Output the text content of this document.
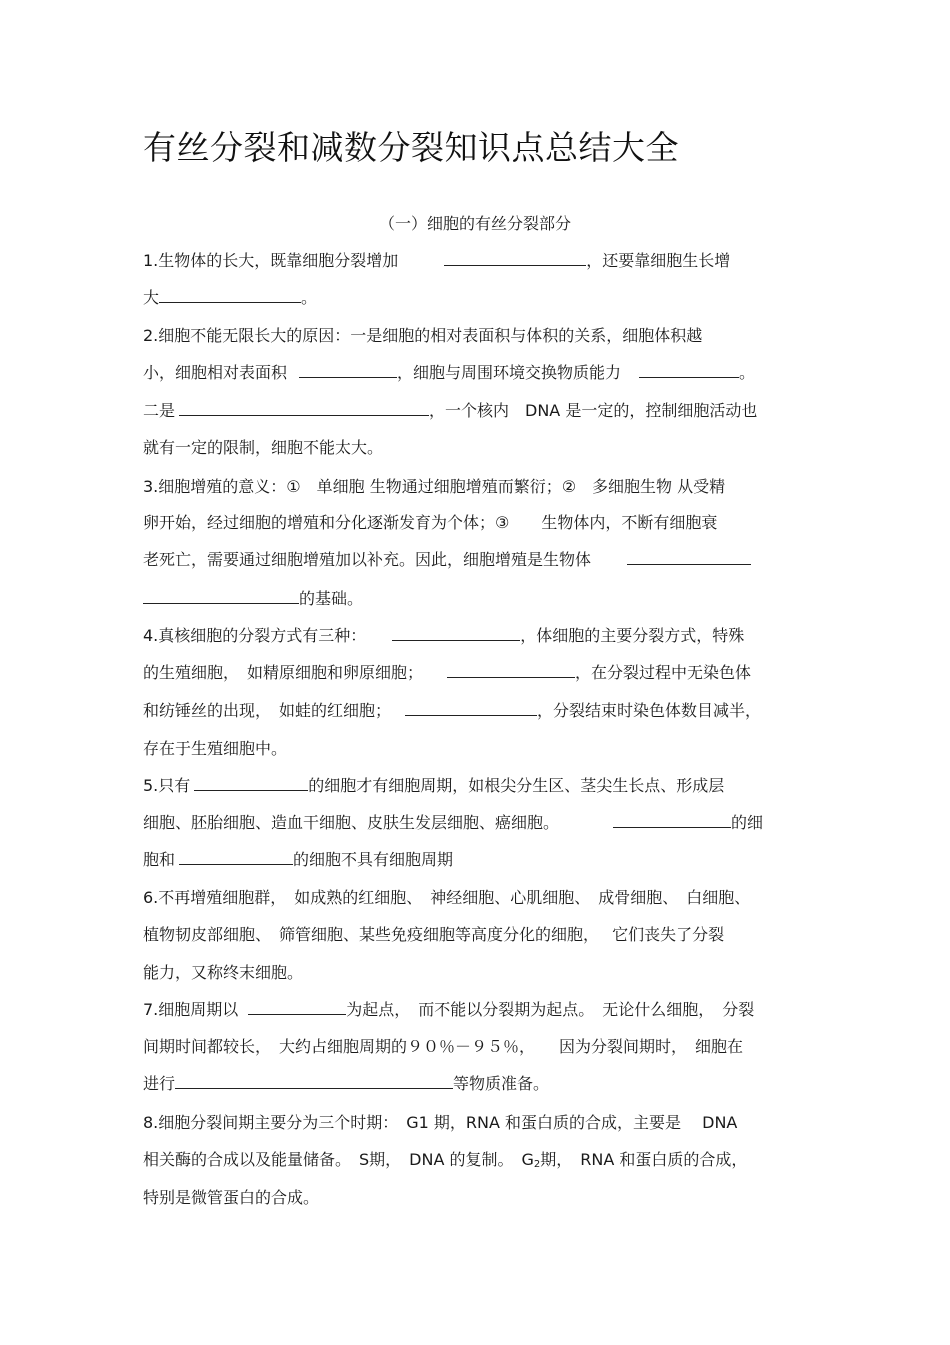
有丝分裂和减数分裂知识点总结大全
（一）细胞的有丝分裂部分
1.生物体的长大，既靠细胞分裂增加	，还要靠细胞生长增
大	。
2.细胞不能无限长大的原因：一是细胞的相对表面积与体积的关系，细胞体积越
小，细胞相对表面积	，细胞与周围环境交换物质能力	。
二是	，一个核内　DNA 是一定的，控制细胞活动也
就有一定的限制，细胞不能太大。
3.细胞增殖的意义：①　单细胞 生物通过细胞增殖而繁衍；②　多细胞生物 从受精
卵开始，经过细胞的增殖和分化逐渐发育为个体；③　　生物体内，不断有细胞衰
老死亡，需要通过细胞增殖加以补充。因此，细胞增殖是生物体
的基础。
4.真核细胞的分裂方式有三种：	，体细胞的主要分裂方式，特殊
的生殖细胞，　如精原细胞和卵原细胞；	，在分裂过程中无染色体
和纺锤丝的出现，　如蛙的红细胞；	，分裂结束时染色体数目减半，
存在于生殖细胞中。
5.只有	的细胞才有细胞周期，如根尖分生区、茎尖生长点、形成层
细胞、胚胎细胞、造血干细胞、皮肤生发层细胞、癌细胞。	的细
胞和	的细胞不具有细胞周期
6.不再增殖细胞群，　如成熟的红细胞、　神经细胞、心肌细胞、　成骨细胞、　白细胞、
植物韧皮部细胞、　筛管细胞、某些免疫细胞等高度分化的细胞，　 它们丧失了分裂
能力，又称终末细胞。
7.细胞周期以	为起点，　而不能以分裂期为起点。　无论什么细胞，　分裂
间期时间都较长，　大约占细胞周期的９０％－９５％，　　因为分裂间期时，　细胞在
进行	等物质准备。
8.细胞分裂间期主要分为三个时期：　G1 期，RNA 和蛋白质的合成，主要是　 DNA
相关酶的合成以及能量储备。　S期，　DNA 的复制。　$G_2$期，　RNA 和蛋白质的合成，
特别是微管蛋白的合成。
